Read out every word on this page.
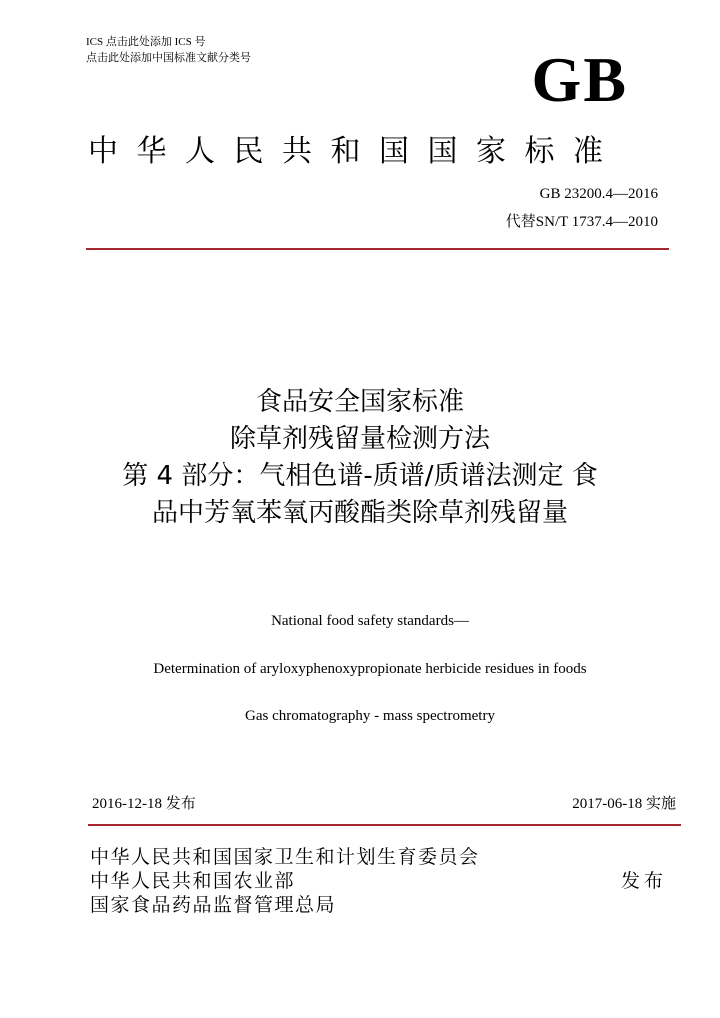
ICS 点击此处添加 ICS 号
点击此处添加中国标准文献分类号	GB
中华人民共和国国家标准
GB 23200.4—2016
代替SN/T 1737.4—2010
食品安全国家标准
除草剂残留量检测方法
第 4 部分：气相色谱-质谱/质谱法测定 食
品中芳氧苯氧丙酸酯类除草剂残留量
National food safety standards—
Determination of aryloxyphenoxypropionate herbicide residues in foods
Gas chromatography - mass spectrometry
2016-12-18 发布	2017-06-18 实施
中华人民共和国国家卫生和计划生育委员会
中华人民共和国农业部
国家食品药品监督管理总局
发布
